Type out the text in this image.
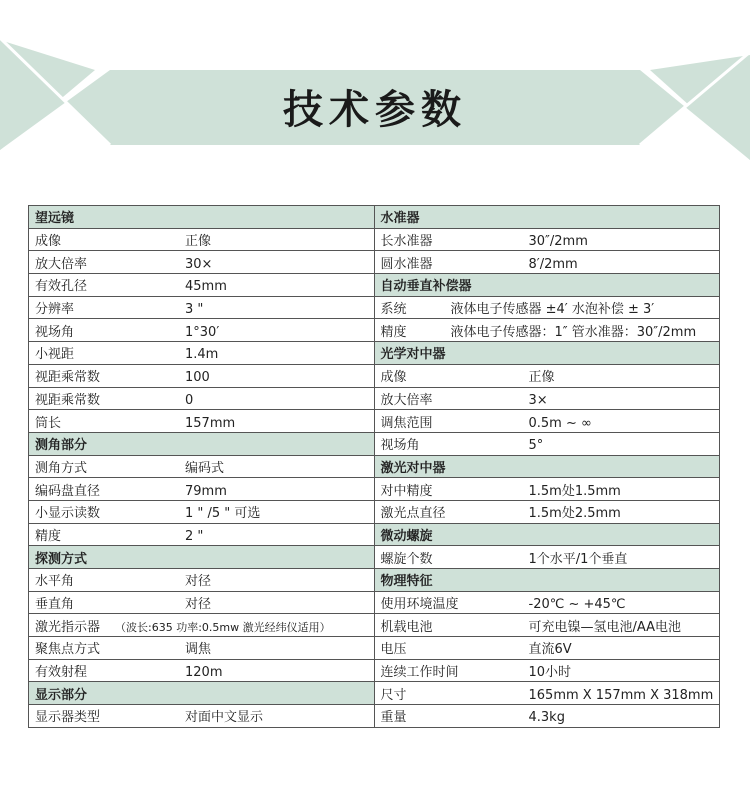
技术参数
望远镜	水准器
成像 正像	长水准器 30″/2mm
放大倍率 30×	圆水准器 8′/2mm
有效孔径 45mm	自动垂直补偿器
分辨率 3 "	系统 液体电子传感器 ±4′ 水泡补偿 ± 3′
视场角 1°30′	精度 液体电子传感器：1″ 管水准器：30″/2mm
小视距 1.4m	光学对中器
视距乘常数 100	成像 正像
视距乘常数 0	放大倍率 3×
筒长 157mm	调焦范围 0.5m ~ ∞
测角部分	视场角 5°
测角方式 编码式	激光对中器
编码盘直径 79mm	对中精度 1.5m处1.5mm
小显示读数 1 " /5 " 可选	激光点直径 1.5m处2.5mm
精度 2 "	微动螺旋
探测方式	螺旋个数 1个水平/1个垂直
水平角 对径	物理特征
垂直角 对径	使用环境温度 -20℃ ~ +45℃
激光指示器 （波长:635 功率:0.5mw 激光经纬仪适用）	机载电池 可充电镍—氢电池/AA电池
聚焦点方式 调焦	电压 直流6V
有效射程 120m	连续工作时间 10小时
显示部分	尺寸 165mm X 157mm X 318mm
显示器类型 对面中文显示	重量 4.3kg
